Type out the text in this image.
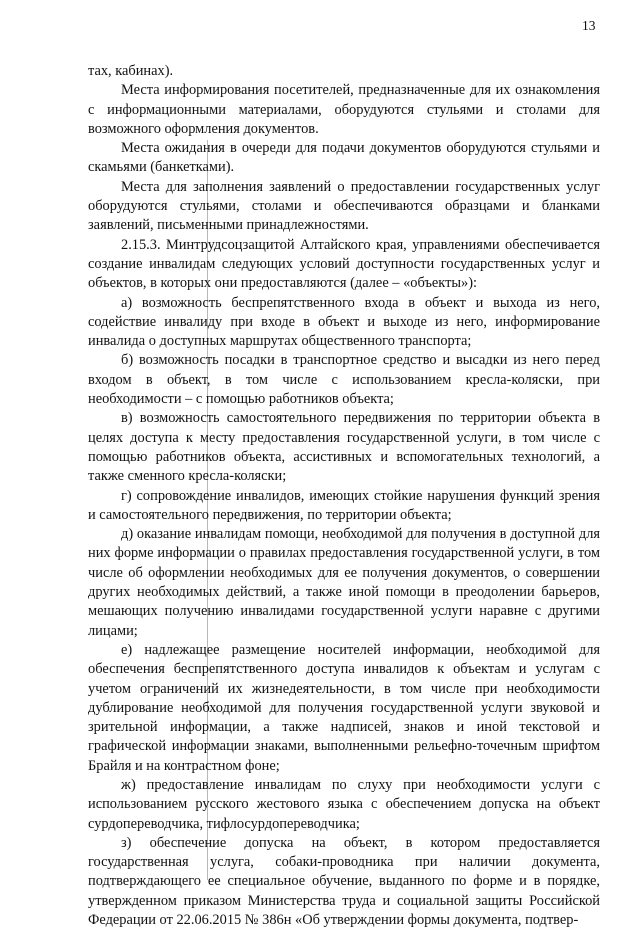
13

тах, кабинах).

Места информирования посетителей, предназначенные для их ознакомления с информационными материалами, оборудуются стульями и столами для возможного оформления документов.

Места ожидания в очереди для подачи документов оборудуются стульями и скамьями (банкетками).

Места для заполнения заявлений о предоставлении государственных услуг оборудуются стульями, столами и обеспечиваются образцами и бланками заявлений, письменными принадлежностями.

2.15.3. Минтрудсоцзащитой Алтайского края, управлениями обеспечивается создание инвалидам следующих условий доступности государственных услуг и объектов, в которых они предоставляются (далее – «объекты»):

а) возможность беспрепятственного входа в объект и выхода из него, содействие инвалиду при входе в объект и выходе из него, информирование инвалида о доступных маршрутах общественного транспорта;

б) возможность посадки в транспортное средство и высадки из него перед входом в объект, в том числе с использованием кресла-коляски, при необходимости – с помощью работников объекта;

в) возможность самостоятельного передвижения по территории объекта в целях доступа к месту предоставления государственной услуги, в том числе с помощью работников объекта, ассистивных и вспомогательных технологий, а также сменного кресла-коляски;

г) сопровождение инвалидов, имеющих стойкие нарушения функций зрения и самостоятельного передвижения, по территории объекта;

д) оказание инвалидам помощи, необходимой для получения в доступной для них форме информации о правилах предоставления государственной услуги, в том числе об оформлении необходимых для ее получения документов, о совершении других необходимых действий, а также иной помощи в преодолении барьеров, мешающих получению инвалидами государственной услуги наравне с другими лицами;

е) надлежащее размещение носителей информации, необходимой для обеспечения беспрепятственного доступа инвалидов к объектам и услугам с учетом ограничений их жизнедеятельности, в том числе при необходимости дублирование необходимой для получения государственной услуги звуковой и зрительной информации, а также надписей, знаков и иной текстовой и графической информации знаками, выполненными рельефно-точечным шрифтом Брайля и на контрастном фоне;

ж) предоставление инвалидам по слуху при необходимости услуги с использованием русского жестового языка с обеспечением допуска на объект сурдопереводчика, тифлосурдопереводчика;

з) обеспечение допуска на объект, в котором предоставляется государственная услуга, собаки-проводника при наличии документа, подтверждающего ее специальное обучение, выданного по форме и в порядке, утвержденном приказом Министерства труда и социальной защиты Российской Федерации от 22.06.2015 № 386н «Об утверждении формы документа, подтвер-
